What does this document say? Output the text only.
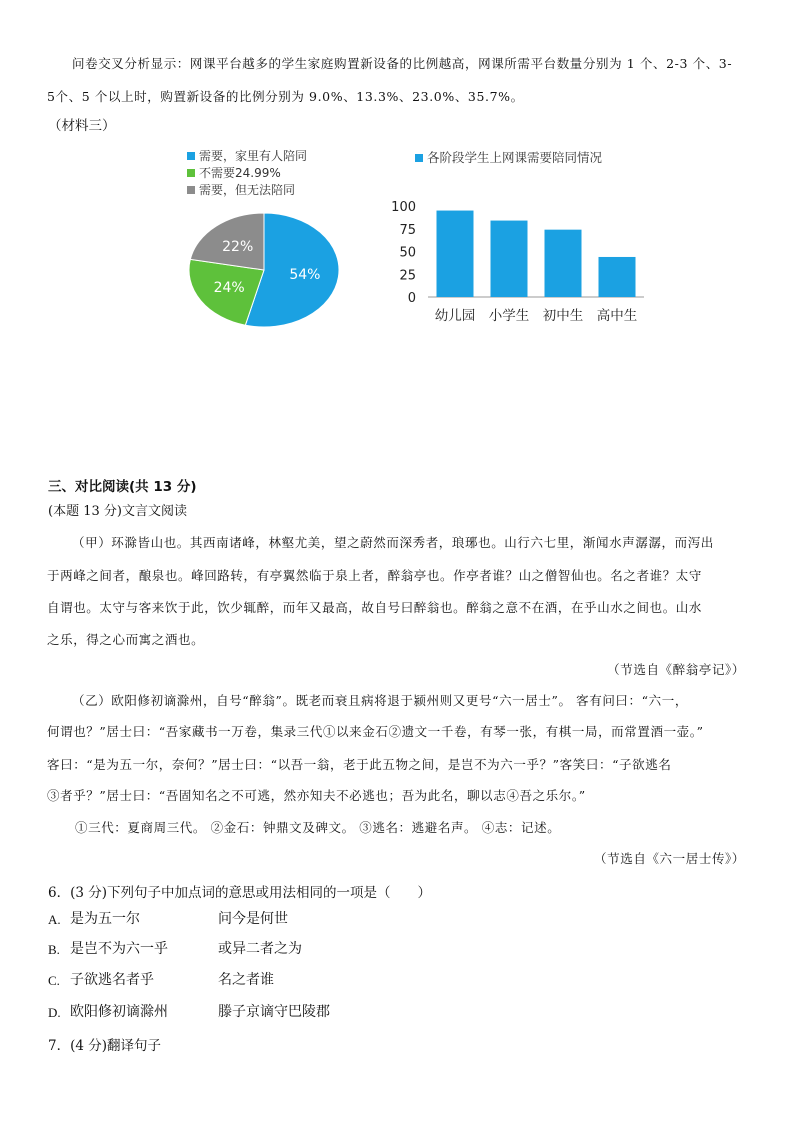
问卷交叉分析显示：网课平台越多的学生家庭购置新设备的比例越高，网课所需平台数量分别为 1 个、2-3 个、3-
5个、5 个以上时，购置新设备的比例分别为 9.0%、13.3%、23.0%、35.7%。
（材料三）
需要，家里有人陪同
不需要24.99%
需要，但无法陪同
54%
24%
22%
各阶段学生上网课需要陪同情况
100
75
50
25
0
幼儿园 小学生 初中生 高中生
三、对比阅读(共 13 分)
(本题 13 分)文言文阅读
（甲）环滁皆山也。其西南诸峰，林壑尤美，望之蔚然而深秀者，琅琊也。山行六七里，渐闻水声潺潺，而泻出
于两峰之间者，酿泉也。峰回路转，有亭翼然临于泉上者，醉翁亭也。作亭者谁？山之僧智仙也。名之者谁？太守
自谓也。太守与客来饮于此，饮少辄醉，而年又最高，故自号曰醉翁也。醉翁之意不在酒，在乎山水之间也。山水
之乐，得之心而寓之酒也。
（节选自《醉翁亭记》）
（乙）欧阳修初谪滁州，自号“醉翁”。既老而衰且病将退于颍州则又更号“六一居士”。 客有问曰：“六一，
何谓也？”居士曰：“吾家藏书一万卷，集录三代①以来金石②遗文一千卷，有琴一张，有棋一局，而常置酒一壶。”
客曰：“是为五一尔，奈何？”居士曰：“以吾一翁，老于此五物之间，是岂不为六一乎？”客笑曰：“子欲逃名
③者乎？”居士曰：“吾固知名之不可逃，然亦知夫不必逃也；吾为此名，聊以志④吾之乐尔。”
①三代：夏商周三代。 ②金石：钟鼎文及碑文。 ③逃名：逃避名声。 ④志：记述。
（节选自《六一居士传》）
6．(3 分)下列句子中加点词的意思或用法相同的一项是（　　）
A. 是为五一尔	问今是何世
B. 是岂不为六一乎	或异二者之为
C. 子欲逃名者乎	名之者谁
D. 欧阳修初谪滁州	滕子京谪守巴陵郡
7．(4 分)翻译句子
